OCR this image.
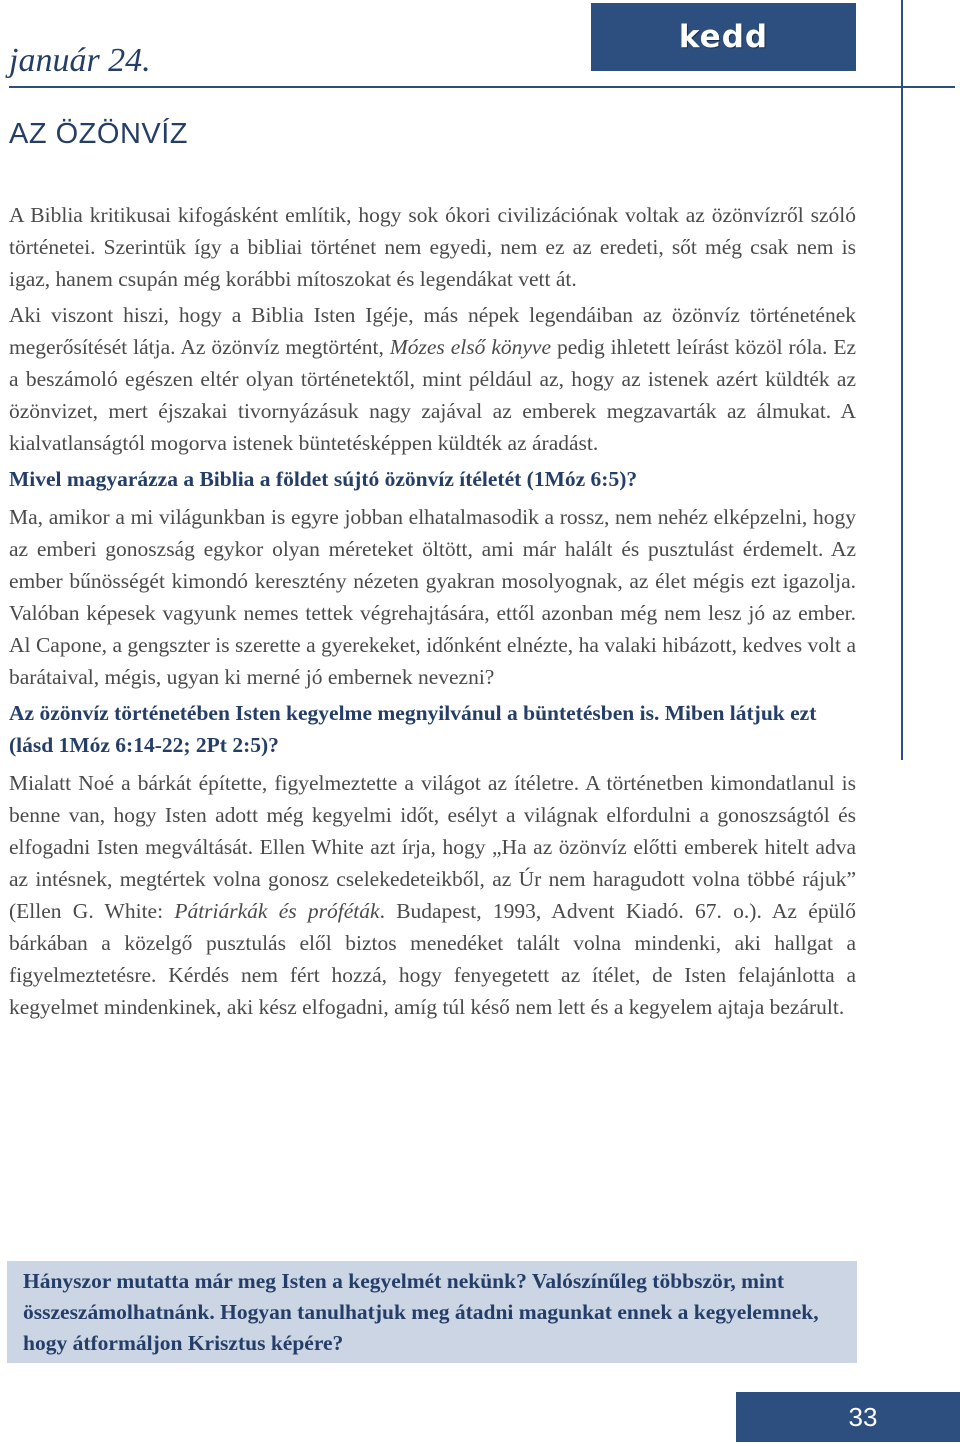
január 24.
kedd
AZ ÖZÖNVÍZ

A Biblia kritikusai kifogásként említik, hogy sok ókori civilizációnak voltak az özönvízről szóló történetei. Szerintük így a bibliai történet nem egyedi, nem ez az eredeti, sőt még csak nem is igaz, hanem csupán még korábbi mítoszokat és legendákat vett át.

Aki viszont hiszi, hogy a Biblia Isten Igéje, más népek legendáiban az özönvíz történetének megerősítését látja. Az özönvíz megtörtént, Mózes első könyve pedig ihletett leírást közöl róla. Ez a beszámoló egészen eltér olyan történetektől, mint például az, hogy az istenek azért küldték az özönvizet, mert éjszakai tivornyázásuk nagy zajával az emberek megzavarták az álmukat. A kialvatlanságtól mogorva istenek büntetésképpen küldték az áradást.

Mivel magyarázza a Biblia a földet sújtó özönvíz ítéletét (1Móz 6:5)?

Ma, amikor a mi világunkban is egyre jobban elhatalmasodik a rossz, nem nehéz elképzelni, hogy az emberi gonoszság egykor olyan méreteket öltött, ami már halált és pusztulást érdemelt. Az ember bűnösségét kimondó keresztény nézeten gyakran mosolyognak, az élet mégis ezt igazolja. Valóban képesek vagyunk nemes tettek végrehajtására, ettől azonban még nem lesz jó az ember. Al Capone, a gengszter is szerette a gyerekeket, időnként elnézte, ha valaki hibázott, kedves volt a barátaival, mégis, ugyan ki merné jó embernek nevezni?

Az özönvíz történetében Isten kegyelme megnyilvánul a büntetésben is. Miben látjuk ezt (lásd 1Móz 6:14-22; 2Pt 2:5)?

Mialatt Noé a bárkát építette, figyelmeztette a világot az ítéletre. A történetben kimondatlanul is benne van, hogy Isten adott még kegyelmi időt, esélyt a világnak elfordulni a gonoszságtól és elfogadni Isten megváltását. Ellen White azt írja, hogy „Ha az özönvíz előtti emberek hitelt adva az intésnek, megtértek volna gonosz cselekedeteikből, az Úr nem haragudott volna többé rájuk” (Ellen G. White: Pátriárkák és próféták. Budapest, 1993, Advent Kiadó. 67. o.). Az épülő bárkában a közelgő pusztulás elől biztos menedéket talált volna mindenki, aki hallgat a figyelmeztetésre. Kérdés nem fért hozzá, hogy fenyegetett az ítélet, de Isten felajánlotta a kegyelmet mindenkinek, aki kész elfogadni, amíg túl késő nem lett és a kegyelem ajtaja bezárult.

Hányszor mutatta már meg Isten a kegyelmét nekünk? Valószínűleg többször, mint összeszámolhatnánk. Hogyan tanulhatjuk meg átadni magunkat ennek a kegyelemnek, hogy átformáljon Krisztus képére?
33
